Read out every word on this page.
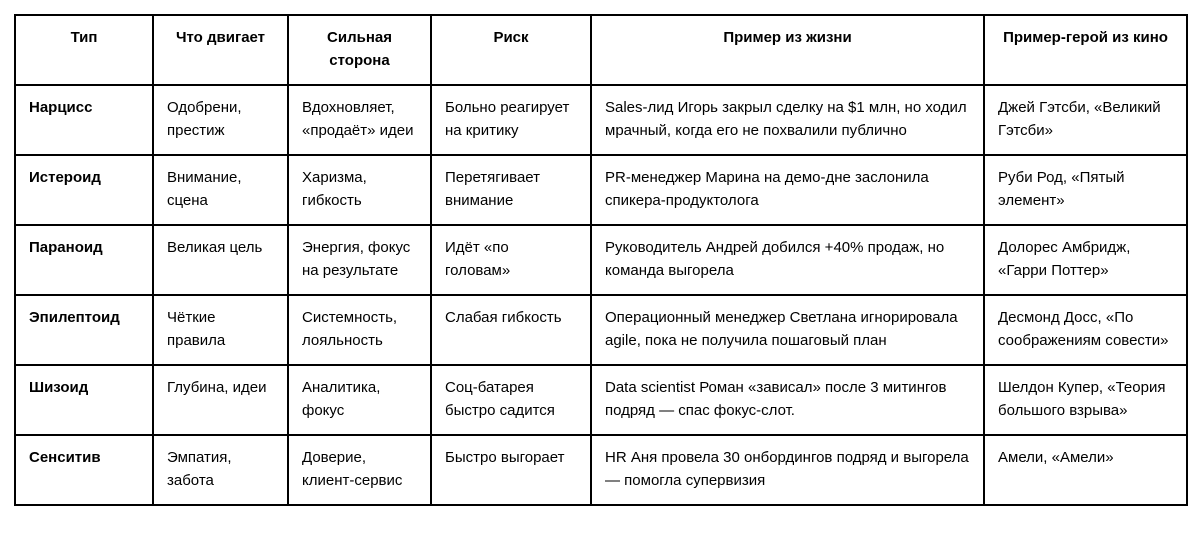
Тип	Что двигает	Сильная сторона	Риск	Пример из жизни	Пример-герой из кино
Нарцисс	Одобрени, престиж	Вдохновляет, «продаёт» идеи	Больно реагирует на критику	Sales-лид Игорь закрыл сделку на $1 млн, но ходил мрачный, когда его не похвалили публично	Джей Гэтсби, «Великий Гэтсби»
Истероид	Внимание, сцена	Харизма, гибкость	Перетягивает внимание	PR-менеджер Марина на демо-дне заслонила спикера-продуктолога	Руби Род, «Пятый элемент»
Параноид	Великая цель	Энергия, фокус на результате	Идёт «по головам»	Руководитель Андрей добился +40% продаж, но команда выгорела	Долорес Амбридж, «Гарри Поттер»
Эпилептоид	Чёткие правила	Системность, лояльность	Слабая гибкость	Операционный менеджер Светлана игнорировала agile, пока не получила пошаговый план	Десмонд Досс, «По соображениям совести»
Шизоид	Глубина, идеи	Аналитика, фокус	Соц-батарея быстро садится	Data scientist Роман «зависал» после 3 митингов подряд — спас фокус-слот.	Шелдон Купер, «Теория большого взрыва»
Сенситив	Эмпатия, забота	Доверие, клиент-сервис	Быстро выгорает	HR Аня провела 30 онбордингов подряд и выгорела — помогла супервизия	Амели, «Амели»
